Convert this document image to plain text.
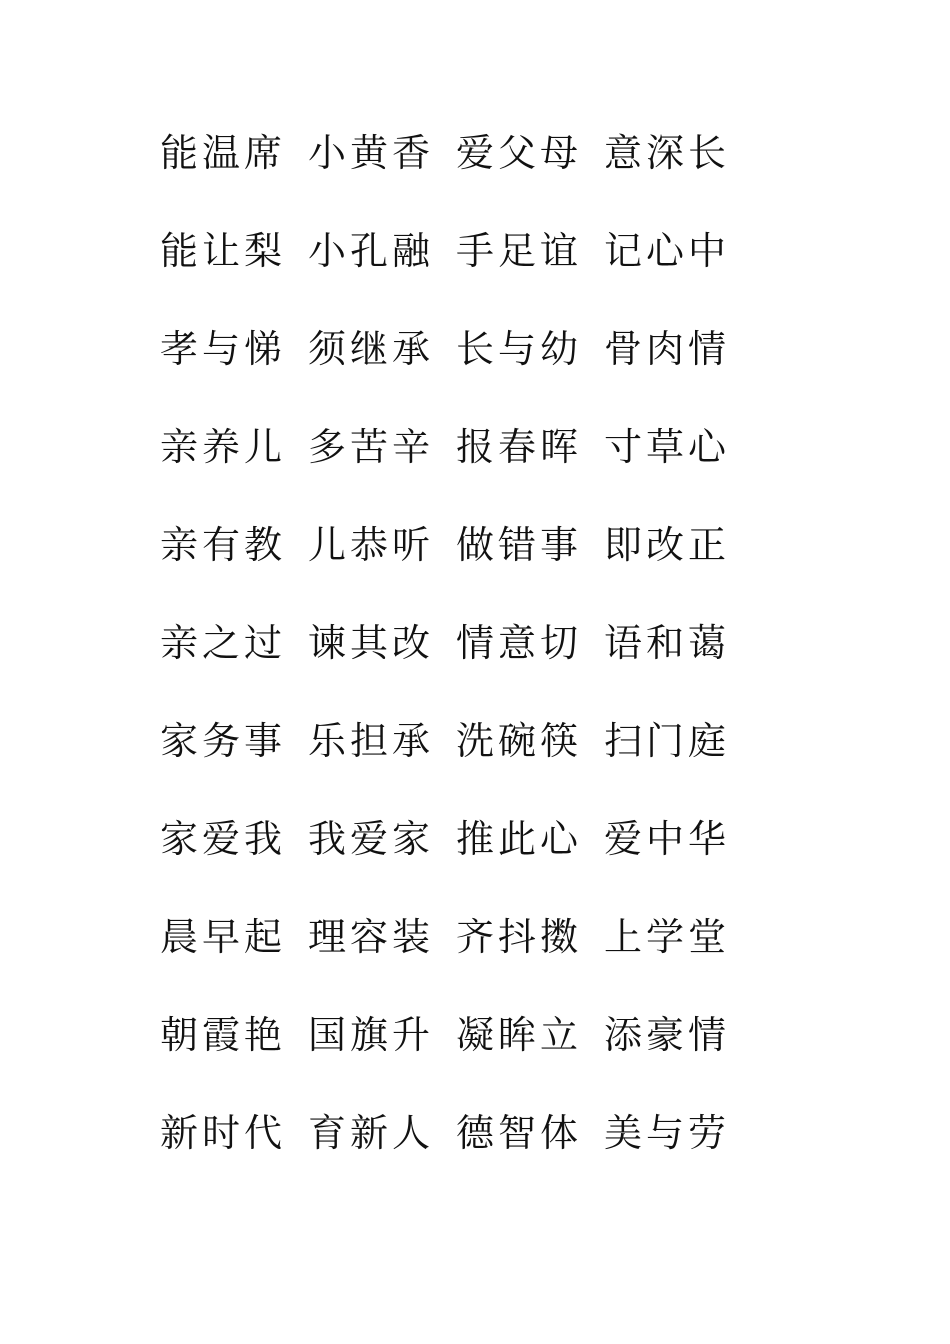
能温席 小黄香 爱父母 意深长
能让梨 小孔融 手足谊 记心中
孝与悌 须继承 长与幼 骨肉情
亲养儿 多苦辛 报春晖 寸草心
亲有教 儿恭听 做错事 即改正
亲之过 谏其改 情意切 语和蔼
家务事 乐担承 洗碗筷 扫门庭
家爱我 我爱家 推此心 爱中华
晨早起 理容装 齐抖擞 上学堂
朝霞艳 国旗升 凝眸立 添豪情
新时代 育新人 德智体 美与劳
